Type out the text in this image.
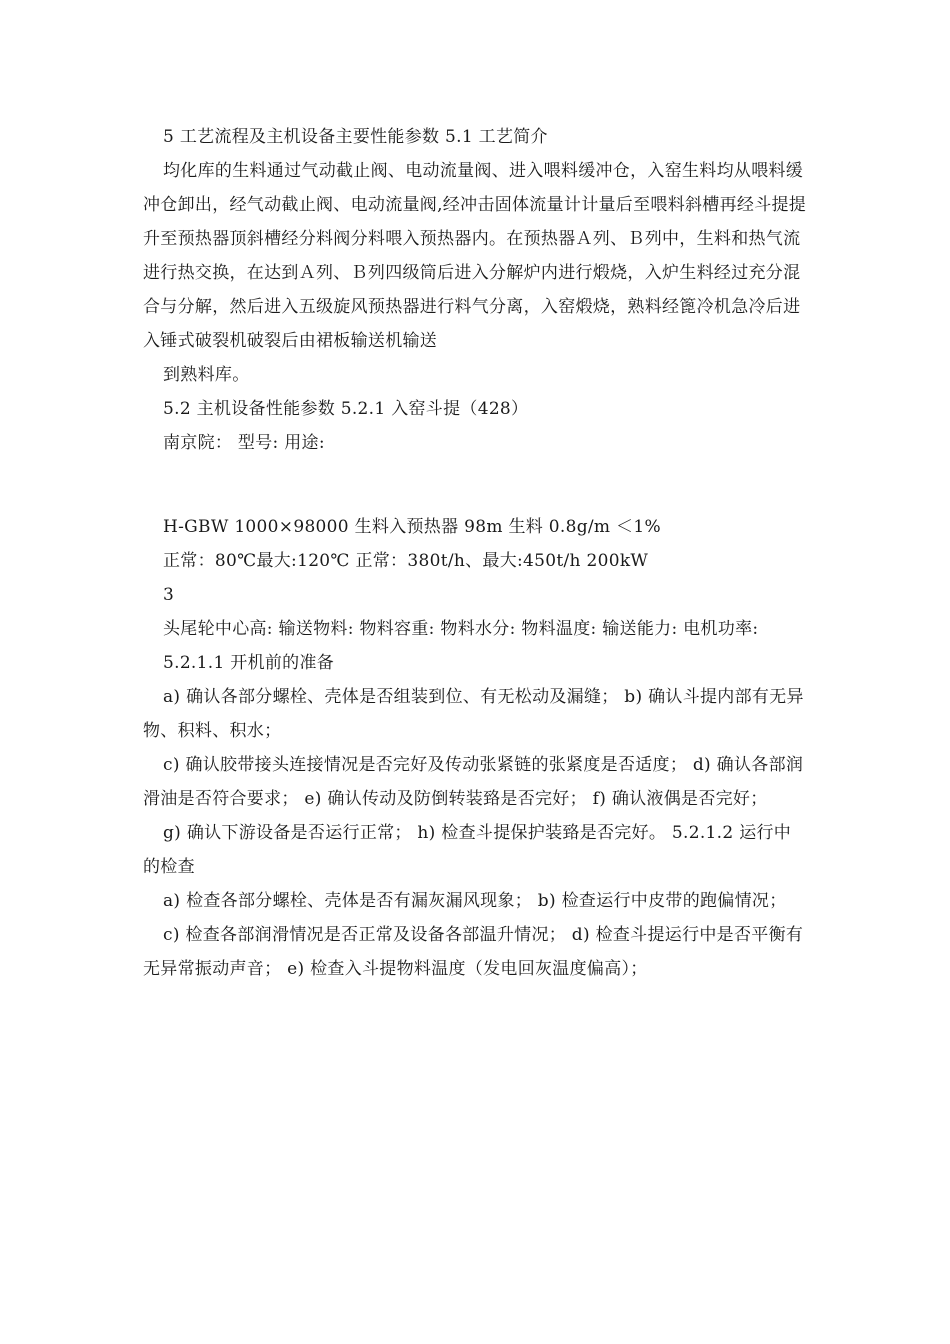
5 工艺流程及主机设备主要性能参数 5.1 工艺简介

均化库的生料通过气动截止阀、电动流量阀、进入喂料缓冲仓，入窑生料均从喂料缓冲仓卸出，经气动截止阀、电动流量阀,经冲击固体流量计计量后至喂料斜槽再经斗提提升至预热器顶斜槽经分料阀分料喂入预热器内。在预热器Ａ列、Ｂ列中，生料和热气流进行热交换，在达到Ａ列、Ｂ列四级筒后进入分解炉内进行煅烧，入炉生料经过充分混合与分解，然后进入五级旋风预热器进行料气分离，入窑煅烧，熟料经篦冷机急冷后进入锤式破裂机破裂后由裙板输送机输送

到熟料库。

5.2 主机设备性能参数 5.2.1 入窑斗提（428）

南京院： 型号: 用途:

H-GBW 1000×98000 生料入预热器 98m 生料 0.8g/m ＜1%

正常：80℃最大:120℃ 正常：380t/h、最大:450t/h 200kW

3

头尾轮中心高: 输送物料: 物料容重: 物料水分: 物料温度: 输送能力: 电机功率:

5.2.1.1 开机前的准备

a) 确认各部分螺栓、壳体是否组装到位、有无松动及漏缝； b) 确认斗提内部有无异物、积料、积水；

c) 确认胶带接头连接情况是否完好及传动张紧链的张紧度是否适度； d) 确认各部润滑油是否符合要求； e) 确认传动及防倒转装臵是否完好； f) 确认液偶是否完好；

g) 确认下游设备是否运行正常； h) 检查斗提保护装臵是否完好。 5.2.1.2 运行中的检查

a) 检查各部分螺栓、壳体是否有漏灰漏风现象； b) 检查运行中皮带的跑偏情况；

c) 检查各部润滑情况是否正常及设备各部温升情况； d) 检查斗提运行中是否平衡有无异常振动声音； e) 检查入斗提物料温度（发电回灰温度偏高）；
